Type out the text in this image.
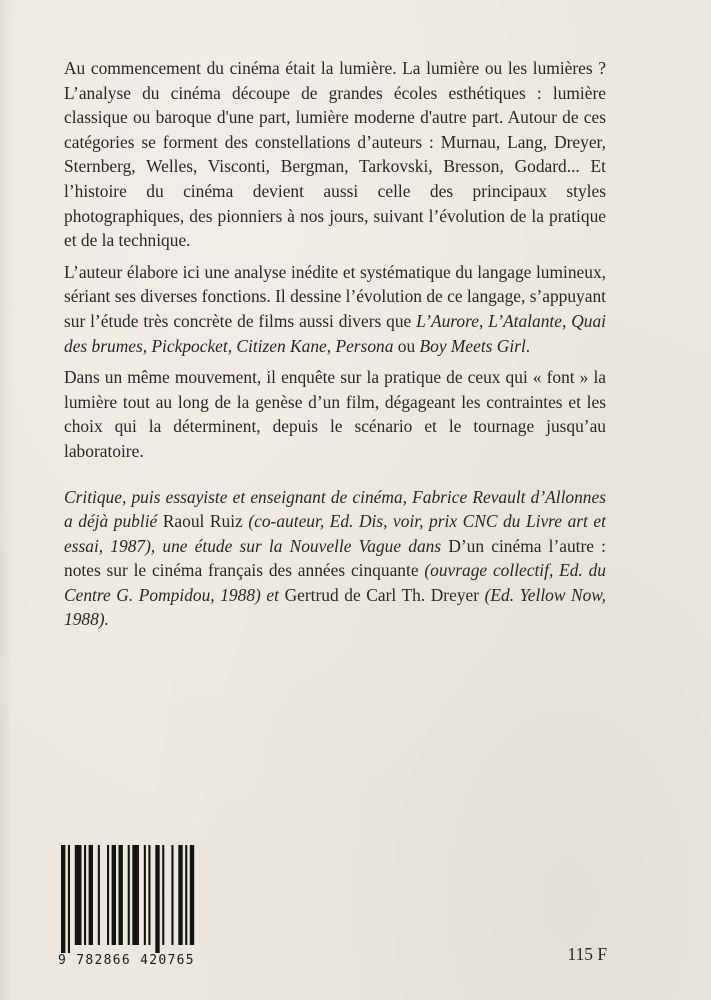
Au commencement du cinéma était la lumière. La lumière ou les lumières ? L’analyse du cinéma découpe de grandes écoles esthétiques : lumière classique ou baroque d'une part, lumière moderne d'autre part. Autour de ces catégories se forment des constellations d’auteurs : Murnau, Lang, Dreyer, Sternberg, Welles, Visconti, Bergman, Tarkovski, Bresson, Godard... Et l’histoire du cinéma devient aussi celle des principaux styles photographiques, des pionniers à nos jours, suivant l’évolution de la pratique et de la technique.

L’auteur élabore ici une analyse inédite et systématique du langage lumineux, sériant ses diverses fonctions. Il dessine l’évolution de ce langage, s’appuyant sur l’étude très concrète de films aussi divers que L’Aurore, L’Atalante, Quai des brumes, Pickpocket, Citizen Kane, Persona ou Boy Meets Girl.

Dans un même mouvement, il enquête sur la pratique de ceux qui « font » la lumière tout au long de la genèse d’un film, dégageant les contraintes et les choix qui la déterminent, depuis le scénario et le tournage jusqu’au laboratoire.

Critique, puis essayiste et enseignant de cinéma, Fabrice Revault d’Allonnes a déjà publié Raoul Ruiz (co-auteur, Ed. Dis, voir, prix CNC du Livre art et essai, 1987), une étude sur la Nouvelle Vague dans D’un cinéma l’autre : notes sur le cinéma français des années cinquante (ouvrage collectif, Ed. du Centre G. Pompidou, 1988) et Gertrud de Carl Th. Dreyer (Ed. Yellow Now, 1988).

9 782866 420765	115 F
